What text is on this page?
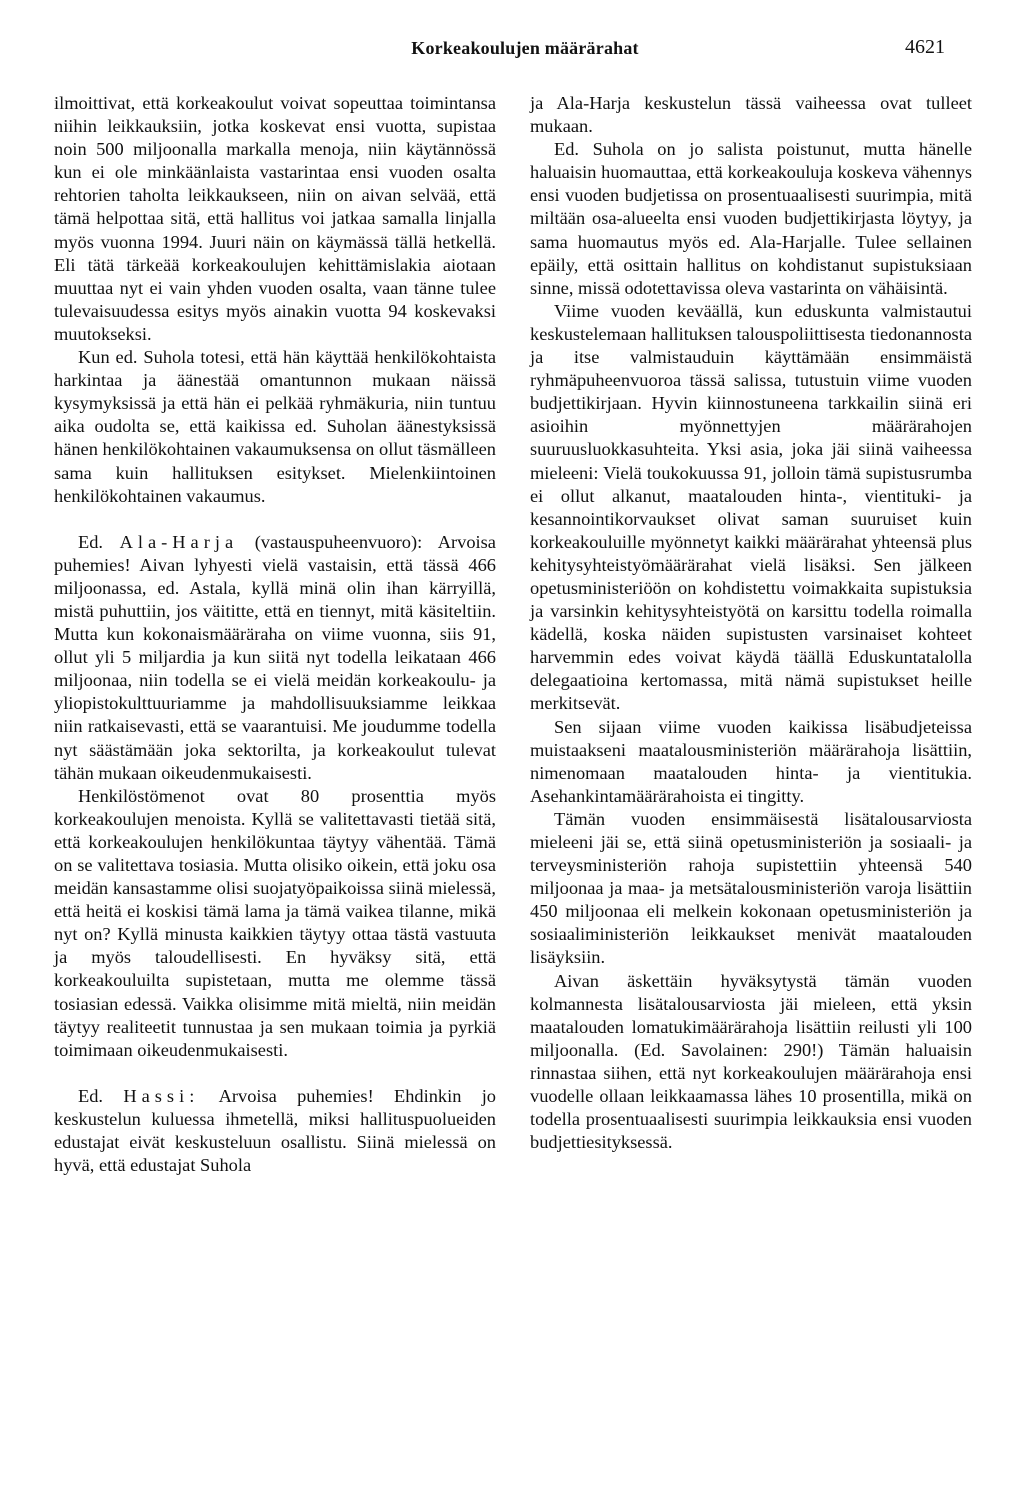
Korkeakoulujen määrärahat	4621

ilmoittivat, että korkeakoulut voivat sopeuttaa toimintansa niihin leikkauksiin, jotka koskevat ensi vuotta, supistaa noin 500 miljoonalla markalla menoja, niin käytännössä kun ei ole minkäänlaista vastarintaa ensi vuoden osalta rehtorien taholta leikkaukseen, niin on aivan selvää, että tämä helpottaa sitä, että hallitus voi jatkaa samalla linjalla myös vuonna 1994. Juuri näin on käymässä tällä hetkellä. Eli tätä tärkeää korkeakoulujen kehittämislakia aiotaan muuttaa nyt ei vain yhden vuoden osalta, vaan tänne tulee tulevaisuudessa esitys myös ainakin vuotta 94 koskevaksi muutokseksi.

Kun ed. Suhola totesi, että hän käyttää henkilökohtaista harkintaa ja äänestää omantunnon mukaan näissä kysymyksissä ja että hän ei pelkää ryhmäkuria, niin tuntuu aika oudolta se, että kaikissa ed. Suholan äänestyksissä hänen henkilökohtainen vakaumuksensa on ollut täsmälleen sama kuin hallituksen esitykset. Mielenkiintoinen henkilökohtainen vakaumus.

Ed. Ala-Harja (vastauspuheenvuoro): Arvoisa puhemies! Aivan lyhyesti vielä vastaisin, että tässä 466 miljoonassa, ed. Astala, kyllä minä olin ihan kärryillä, mistä puhuttiin, jos väititte, että en tiennyt, mitä käsiteltiin. Mutta kun kokonaismääräraha on viime vuonna, siis 91, ollut yli 5 miljardia ja kun siitä nyt todella leikataan 466 miljoonaa, niin todella se ei vielä meidän korkeakoulu- ja yliopistokulttuuriamme ja mahdollisuuksiamme leikkaa niin ratkaisevasti, että se vaarantuisi. Me joudumme todella nyt säästämään joka sektorilta, ja korkeakoulut tulevat tähän mukaan oikeudenmukaisesti.

Henkilöstömenot ovat 80 prosenttia myös korkeakoulujen menoista. Kyllä se valitettavasti tietää sitä, että korkeakoulujen henkilökuntaa täytyy vähentää. Tämä on se valitettava tosiasia. Mutta olisiko oikein, että joku osa meidän kansastamme olisi suojatyöpaikoissa siinä mielessä, että heitä ei koskisi tämä lama ja tämä vaikea tilanne, mikä nyt on? Kyllä minusta kaikkien täytyy ottaa tästä vastuuta ja myös taloudellisesti. En hyväksy sitä, että korkeakouluilta supistetaan, mutta me olemme tässä tosiasian edessä. Vaikka olisimme mitä mieltä, niin meidän täytyy realiteetit tunnustaa ja sen mukaan toimia ja pyrkiä toimimaan oikeudenmukaisesti.

Ed. Hassi: Arvoisa puhemies! Ehdinkin jo keskustelun kuluessa ihmetellä, miksi hallituspuolueiden edustajat eivät keskusteluun osallistu. Siinä mielessä on hyvä, että edustajat Suhola

ja Ala-Harja keskustelun tässä vaiheessa ovat tulleet mukaan.

Ed. Suhola on jo salista poistunut, mutta hänelle haluaisin huomauttaa, että korkeakouluja koskeva vähennys ensi vuoden budjetissa on prosentuaalisesti suurimpia, mitä miltään osa-alueelta ensi vuoden budjettikirjasta löytyy, ja sama huomautus myös ed. Ala-Harjalle. Tulee sellainen epäily, että osittain hallitus on kohdistanut supistuksiaan sinne, missä odotettavissa oleva vastarinta on vähäisintä.

Viime vuoden keväällä, kun eduskunta valmistautui keskustelemaan hallituksen talouspoliittisesta tiedonannosta ja itse valmistauduin käyttämään ensimmäistä ryhmäpuheenvuoroa tässä salissa, tutustuin viime vuoden budjettikirjaan. Hyvin kiinnostuneena tarkkailin siinä eri asioihin myönnettyjen määrärahojen suuruusluokkasuhteita. Yksi asia, joka jäi siinä vaiheessa mieleeni: Vielä toukokuussa 91, jolloin tämä supistusrumba ei ollut alkanut, maatalouden hinta-, vientituki- ja kesannointikorvaukset olivat saman suuruiset kuin korkeakouluille myönnetyt kaikki määrärahat yhteensä plus kehitysyhteistyömäärärahat vielä lisäksi. Sen jälkeen opetusministeriöön on kohdistettu voimakkaita supistuksia ja varsinkin kehitysyhteistyötä on karsittu todella roimalla kädellä, koska näiden supistusten varsinaiset kohteet harvemmin edes voivat käydä täällä Eduskuntatalolla delegaatioina kertomassa, mitä nämä supistukset heille merkitsevät.

Sen sijaan viime vuoden kaikissa lisäbudjeteissa muistaakseni maatalousministeriön määrärahoja lisättiin, nimenomaan maatalouden hinta- ja vientitukia. Asehankintamäärärahoista ei tingitty.

Tämän vuoden ensimmäisestä lisätalousarviosta mieleeni jäi se, että siinä opetusministeriön ja sosiaali- ja terveysministeriön rahoja supistettiin yhteensä 540 miljoonaa ja maa- ja metsätalousministeriön varoja lisättiin 450 miljoonaa eli melkein kokonaan opetusministeriön ja sosiaaliministeriön leikkaukset menivät maatalouden lisäyksiin.

Aivan äskettäin hyväksytystä tämän vuoden kolmannesta lisätalousarviosta jäi mieleen, että yksin maatalouden lomatukimäärärahoja lisättiin reilusti yli 100 miljoonalla. (Ed. Savolainen: 290!) Tämän haluaisin rinnastaa siihen, että nyt korkeakoulujen määrärahoja ensi vuodelle ollaan leikkaamassa lähes 10 prosentilla, mikä on todella prosentuaalisesti suurimpia leikkauksia ensi vuoden budjettiesityksessä.
